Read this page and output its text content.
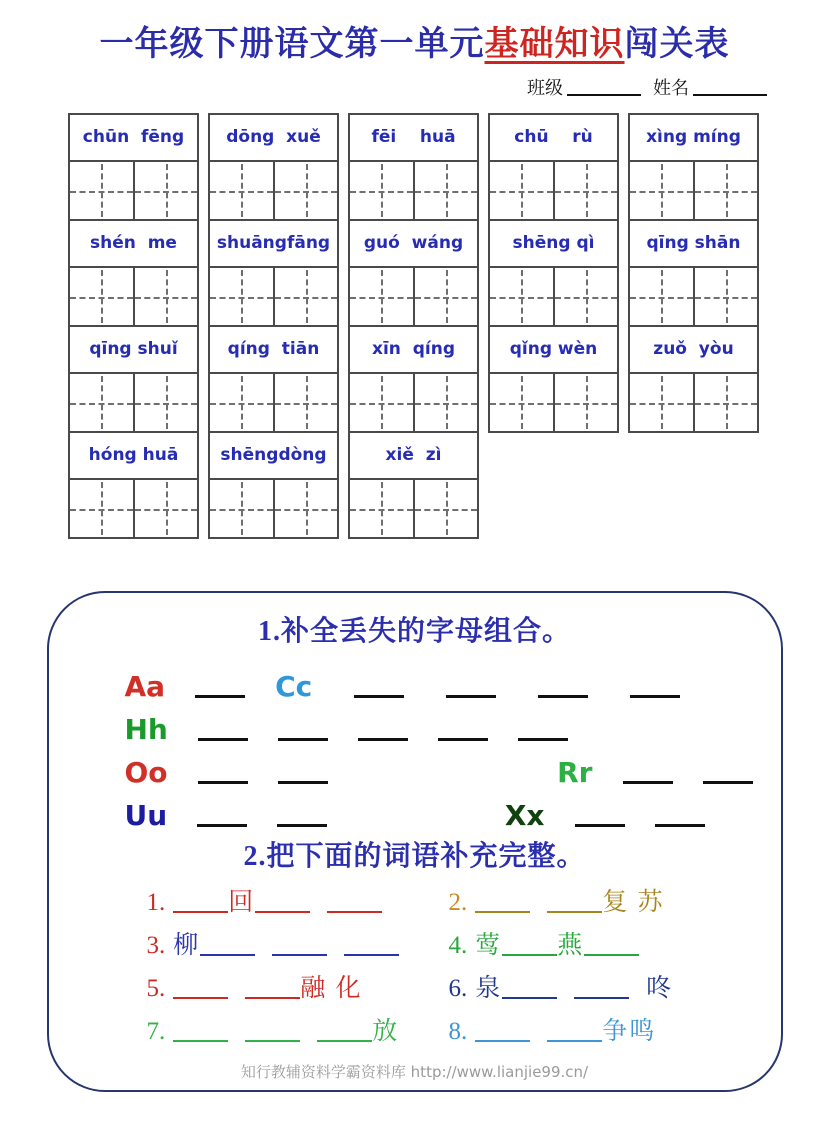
一年级下册语文第一单元基础知识闯关表
班级	姓名
chūn  fēng
shén  me
qīng shuǐ
hóng huā
dōng  xuě
shuāngfāng
qíng  tiān
shēngdòng
fēi    huā
guó  wáng
xīn  qíng
xiě  zì
chū    rù
shēng qì
qǐng wèn
xìng míng
qīng shān
zuǒ  yòu
1.补全丢失的字母组合。
Aa	Cc
Hh
Oo	Rr
Uu	Xx
2.把下面的词语补充完整。
1.	回	2.	复 苏
3. 柳	4. 莺 燕
5.	融 化	6. 泉	咚
7.	放	8.	争鸣
知行教辅资料学霸资料库 http://www.lianjie99.cn/
